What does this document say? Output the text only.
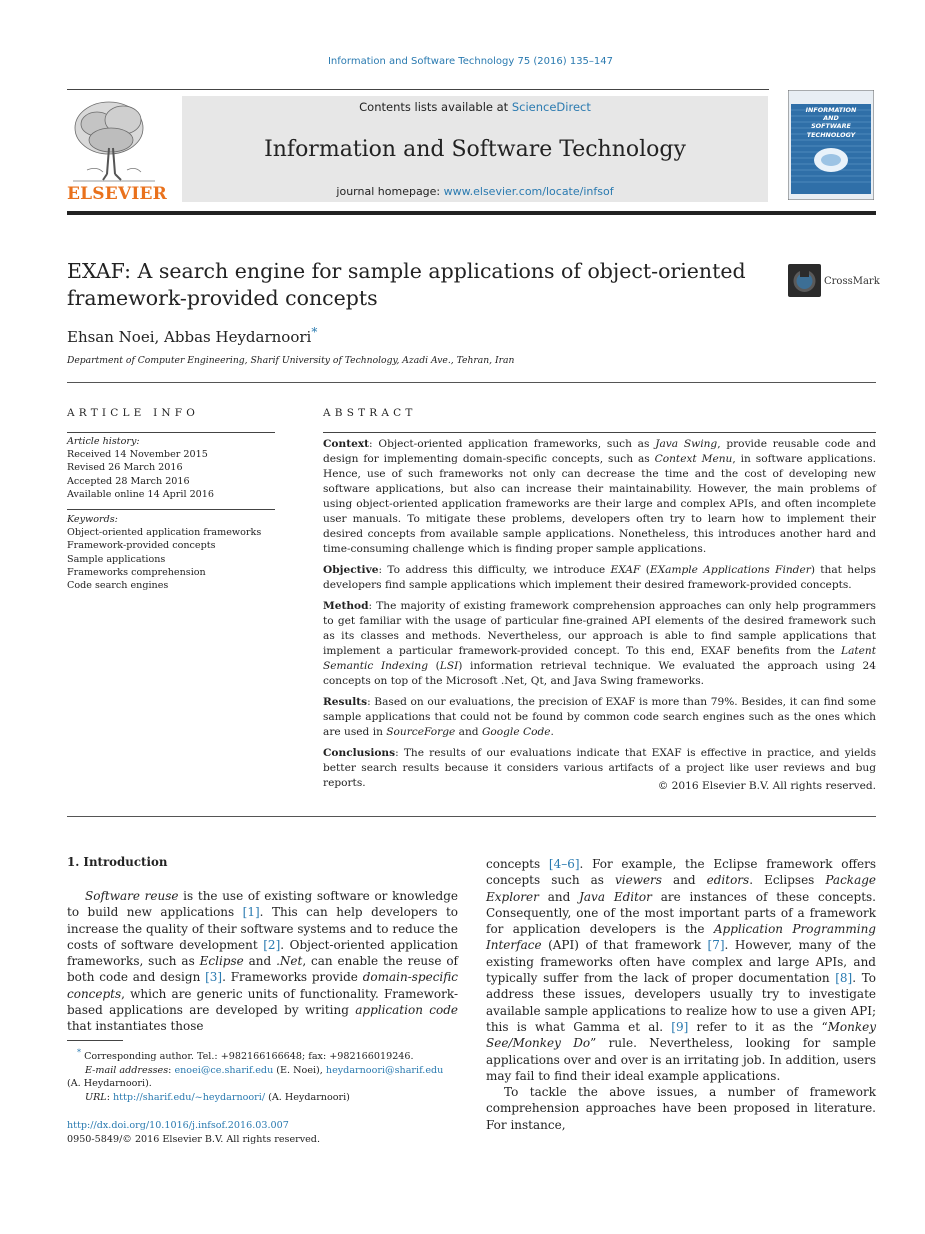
Information and Software Technology 75 (2016) 135–147
ELSEVIER
Contents lists available at ScienceDirect
Information and Software Technology
journal homepage: www.elsevier.com/locate/infsof
INFORMATION
AND
SOFTWARE
TECHNOLOGY
EXAF: A search engine for sample applications of object-oriented framework-provided concepts
CrossMark
Ehsan Noei, Abbas Heydarnoori*
Department of Computer Engineering, Sharif University of Technology, Azadi Ave., Tehran, Iran
ARTICLE INFO	ABSTRACT
Article history:
Received 14 November 2015
Revised 26 March 2016
Accepted 28 March 2016
Available online 14 April 2016
Keywords:
Object-oriented application frameworks
Framework-provided concepts
Sample applications
Frameworks comprehension
Code search engines

Context: Object-oriented application frameworks, such as Java Swing, provide reusable code and design for implementing domain-specific concepts, such as Context Menu, in software applications. Hence, use of such frameworks not only can decrease the time and the cost of developing new software applications, but also can increase their maintainability. However, the main problems of using object-oriented application frameworks are their large and complex APIs, and often incomplete user manuals. To mitigate these problems, developers often try to learn how to implement their desired concepts from available sample applications. Nonetheless, this introduces another hard and time-consuming challenge which is finding proper sample applications.

Objective: To address this difficulty, we introduce EXAF (EXample Applications Finder) that helps developers find sample applications which implement their desired framework-provided concepts.

Method: The majority of existing framework comprehension approaches can only help programmers to get familiar with the usage of particular fine-grained API elements of the desired framework such as its classes and methods. Nevertheless, our approach is able to find sample applications that implement a particular framework-provided concept. To this end, EXAF benefits from the Latent Semantic Indexing (LSI) information retrieval technique. We evaluated the approach using 24 concepts on top of the Microsoft .Net, Qt, and Java Swing frameworks.

Results: Based on our evaluations, the precision of EXAF is more than 79%. Besides, it can find some sample applications that could not be found by common code search engines such as the ones which are used in SourceForge and Google Code.

Conclusions: The results of our evaluations indicate that EXAF is effective in practice, and yields better search results because it considers various artifacts of a project like user reviews and bug reports.	© 2016 Elsevier B.V. All rights reserved.
1. Introduction

Software reuse is the use of existing software or knowledge to build new applications [1]. This can help developers to increase the quality of their software systems and to reduce the costs of software development [2]. Object-oriented application frameworks, such as Eclipse and .Net, can enable the reuse of both code and design [3]. Frameworks provide domain-specific concepts, which are generic units of functionality. Framework-based applications are developed by writing application code that instantiates those

concepts [4–6]. For example, the Eclipse framework offers concepts such as viewers and editors. Eclipses Package Explorer and Java Editor are instances of these concepts. Consequently, one of the most important parts of a framework for application developers is the Application Programming Interface (API) of that framework [7]. However, many of the existing frameworks often have complex and large APIs, and typically suffer from the lack of proper documentation [8]. To address these issues, developers usually try to investigate available sample applications to realize how to use a given API; this is what Gamma et al. [9] refer to it as the “Monkey See/Monkey Do” rule. Nevertheless, looking for sample applications over and over is an irritating job. In addition, users may fail to find their ideal example applications.

To tackle the above issues, a number of framework comprehension approaches have been proposed in literature. For instance,

* Corresponding author. Tel.: +982166166648; fax: +982166019246.

E-mail addresses: enoei@ce.sharif.edu (E. Noei), heydarnoori@sharif.edu (A. Heydarnoori).

URL: http://sharif.edu/~heydarnoori/ (A. Heydarnoori)

http://dx.doi.org/10.1016/j.infsof.2016.03.007
0950-5849/© 2016 Elsevier B.V. All rights reserved.
